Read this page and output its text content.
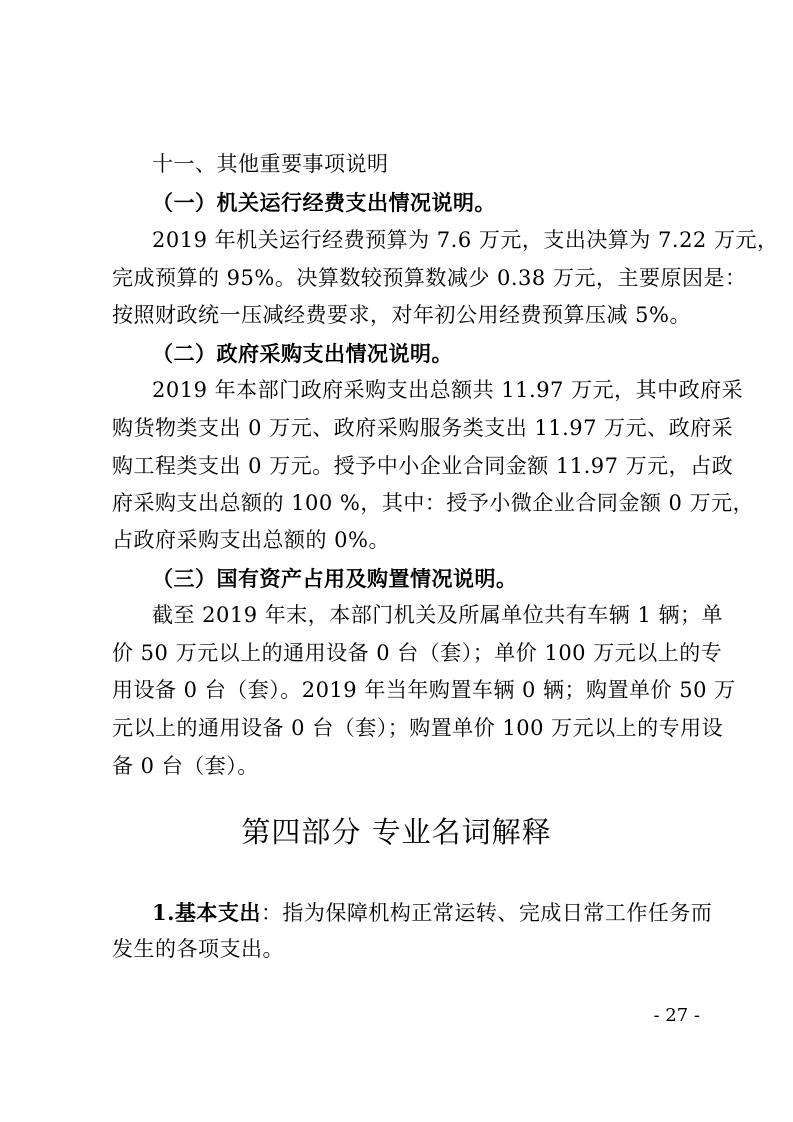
十一、其他重要事项说明
（一）机关运行经费支出情况说明。
2019 年机关运行经费预算为 7.6 万元，支出决算为 7.22 万元，
完成预算的 95%。决算数较预算数减少 0.38 万元，主要原因是：
按照财政统一压减经费要求，对年初公用经费预算压减 5%。
（二）政府采购支出情况说明。
2019 年本部门政府采购支出总额共 11.97 万元，其中政府采
购货物类支出 0 万元、政府采购服务类支出 11.97 万元、政府采
购工程类支出 0 万元。授予中小企业合同金额 11.97 万元，占政
府采购支出总额的 100 %，其中：授予小微企业合同金额 0 万元，
占政府采购支出总额的 0%。
（三）国有资产占用及购置情况说明。
截至 2019 年末，本部门机关及所属单位共有车辆 1 辆；单
价 50 万元以上的通用设备 0 台（套）；单价 100 万元以上的专
用设备 0 台（套）。2019 年当年购置车辆 0 辆；购置单价 50 万
元以上的通用设备 0 台（套）；购置单价 100 万元以上的专用设
备 0 台（套）。
第四部分 专业名词解释
1.基本支出：指为保障机构正常运转、完成日常工作任务而
发生的各项支出。
- 27 -
